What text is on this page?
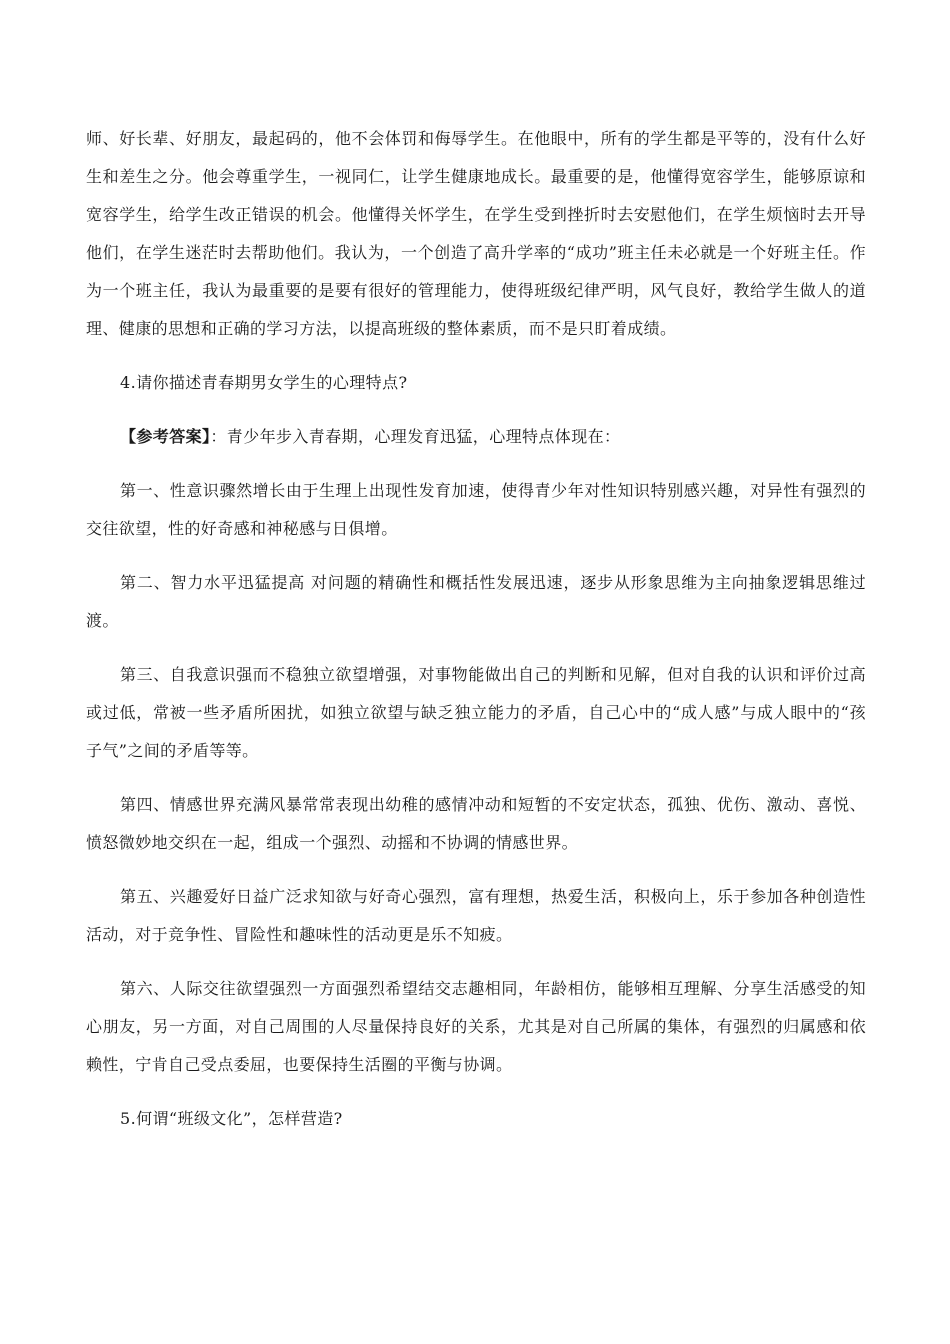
师、好长辈、好朋友，最起码的，他不会体罚和侮辱学生。在他眼中，所有的学生都是平等的，没有什么好生和差生之分。他会尊重学生，一视同仁，让学生健康地成长。最重要的是，他懂得宽容学生，能够原谅和宽容学生，给学生改正错误的机会。他懂得关怀学生，在学生受到挫折时去安慰他们，在学生烦恼时去开导他们，在学生迷茫时去帮助他们。我认为，一个创造了高升学率的“成功”班主任未必就是一个好班主任。作为一个班主任，我认为最重要的是要有很好的管理能力，使得班级纪律严明，风气良好，教给学生做人的道理、健康的思想和正确的学习方法，以提高班级的整体素质，而不是只盯着成绩。

4.请你描述青春期男女学生的心理特点?

【参考答案】：青少年步入青春期，心理发育迅猛，心理特点体现在：

第一、性意识骤然增长由于生理上出现性发育加速，使得青少年对性知识特别感兴趣，对异性有强烈的交往欲望，性的好奇感和神秘感与日俱增。

第二、智力水平迅猛提高 对问题的精确性和概括性发展迅速，逐步从形象思维为主向抽象逻辑思维过渡。

第三、自我意识强而不稳独立欲望增强，对事物能做出自己的判断和见解，但对自我的认识和评价过高或过低，常被一些矛盾所困扰，如独立欲望与缺乏独立能力的矛盾，自己心中的“成人感”与成人眼中的“孩子气”之间的矛盾等等。

第四、情感世界充满风暴常常表现出幼稚的感情冲动和短暂的不安定状态，孤独、优伤、激动、喜悦、愤怒微妙地交织在一起，组成一个强烈、动摇和不协调的情感世界。

第五、兴趣爱好日益广泛求知欲与好奇心强烈，富有理想，热爱生活，积极向上，乐于参加各种创造性活动，对于竞争性、冒险性和趣味性的活动更是乐不知疲。

第六、人际交往欲望强烈一方面强烈希望结交志趣相同，年龄相仿，能够相互理解、分享生活感受的知心朋友，另一方面，对自己周围的人尽量保持良好的关系，尤其是对自己所属的集体，有强烈的归属感和依赖性，宁肯自己受点委屈，也要保持生活圈的平衡与协调。

5.何谓“班级文化”，怎样营造?
